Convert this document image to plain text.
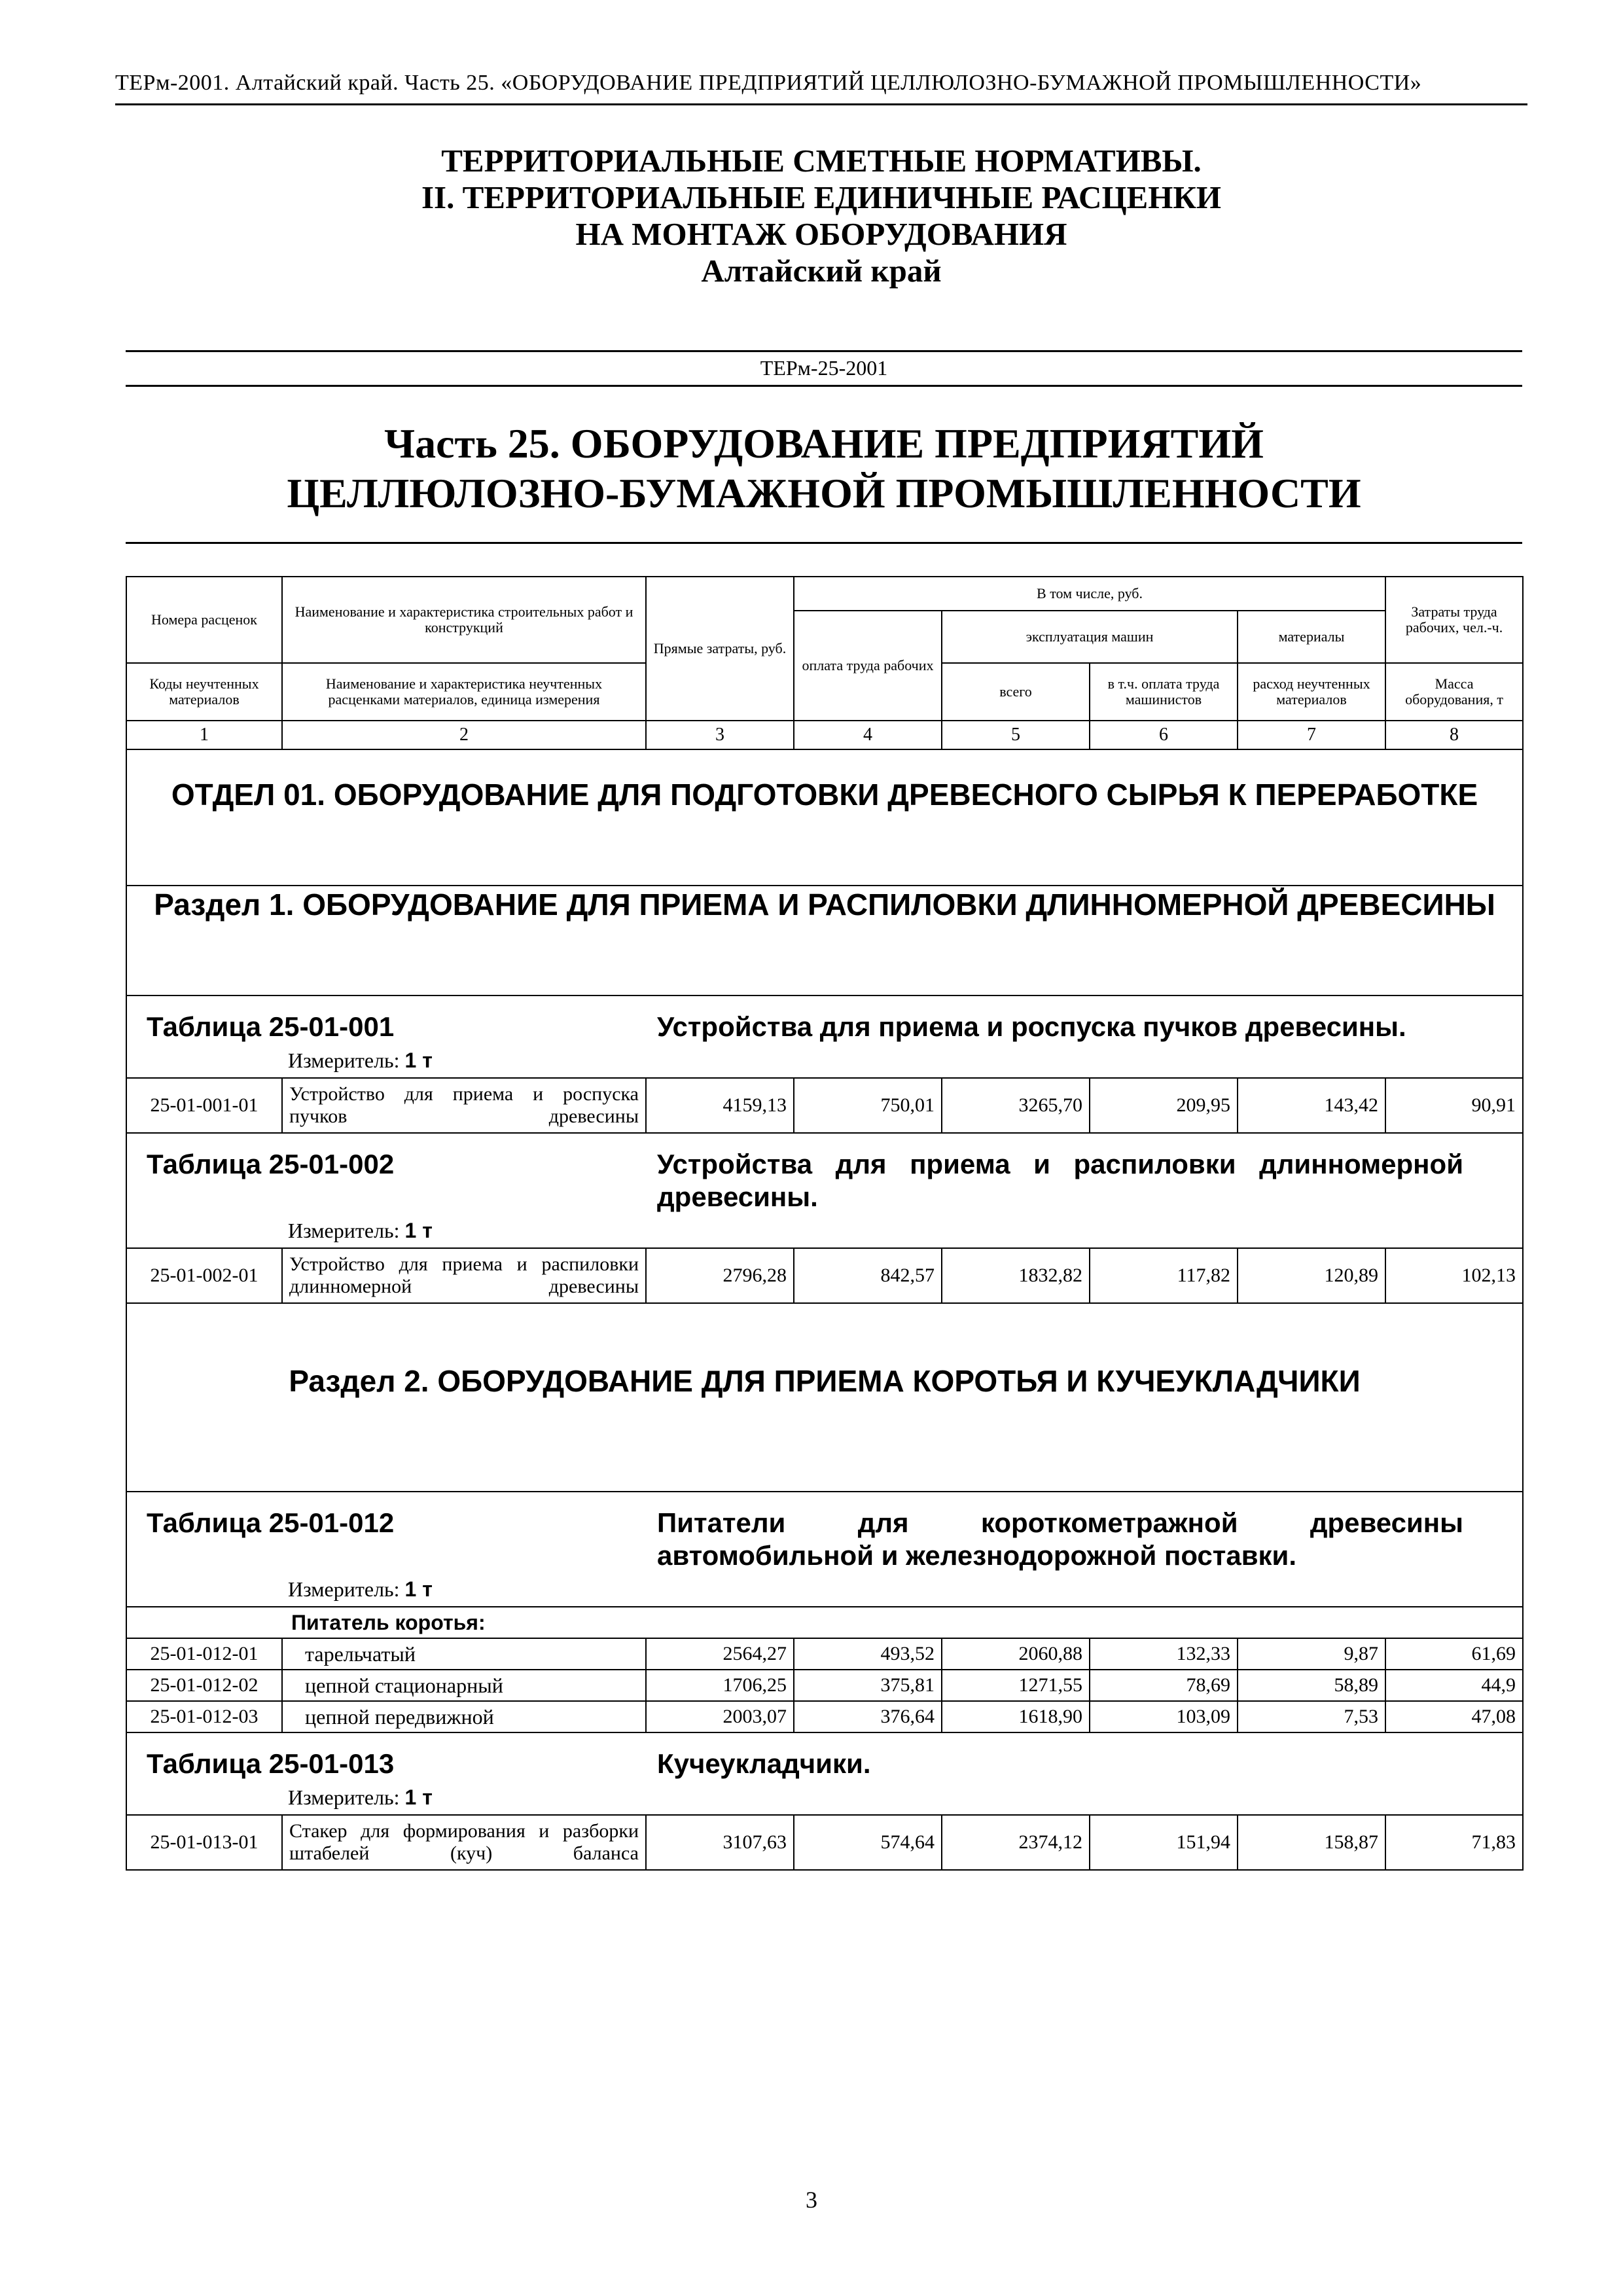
ТЕРм-2001. Алтайский край. Часть 25. «ОБОРУДОВАНИЕ ПРЕДПРИЯТИЙ ЦЕЛЛЮЛОЗНО-БУМАЖНОЙ ПРОМЫШЛЕННОСТИ»
ТЕРРИТОРИАЛЬНЫЕ СМЕТНЫЕ НОРМАТИВЫ.
II. ТЕРРИТОРИАЛЬНЫЕ ЕДИНИЧНЫЕ РАСЦЕНКИ
НА МОНТАЖ ОБОРУДОВАНИЯ
Алтайский край
ТЕРм-25-2001
Часть 25. ОБОРУДОВАНИЕ ПРЕДПРИЯТИЙ
ЦЕЛЛЮЛОЗНО-БУМАЖНОЙ ПРОМЫШЛЕННОСТИ
Номера расценок	Наименование и характеристика строительных работ и конструкций	Прямые затраты, руб.	В том числе, руб.				Затраты труда рабочих, чел.-ч.
			оплата труда рабочих	эксплуатация машин		материалы	
Коды неучтенных материалов	Наименование и характеристика неучтенных расценками материалов, единица измерения			всего	в т.ч. оплата труда машинистов	расход неучтенных материалов	Масса оборудования, т
1	2	3	4	5	6	7	8
ОТДЕЛ 01. ОБОРУДОВАНИЕ ДЛЯ ПОДГОТОВКИ ДРЕВЕСНОГО СЫРЬЯ К ПЕРЕРАБОТКЕ							
Раздел 1. ОБОРУДОВАНИЕ ДЛЯ ПРИЕМА И РАСПИЛОВКИ ДЛИННОМЕРНОЙ ДРЕВЕСИНЫ							

Таблица 25-01-001 Устройства для приема и роспуска пучков древесины.							

Измеритель: 1 т							
25-01-001-01	Устройство для приема и роспуска пучков древесины	4159,13	750,01	3265,70	209,95	143,42	90,91

Таблица 25-01-002 Устройства для приема и распиловки длинномерной древесины.							

Измеритель: 1 т							
25-01-002-01	Устройство для приема и распиловки длинномерной древесины	2796,28	842,57	1832,82	117,82	120,89	102,13
Раздел 2. ОБОРУДОВАНИЕ ДЛЯ ПРИЕМА КОРОТЬЯ И КУЧЕУКЛАДЧИКИ							

Таблица 25-01-012 Питатели для короткометражной древесины автомобильной и железнодорожной поставки.							

Измеритель: 1 т							
	Питатель коротья:						
25-01-012-01	тарельчатый	2564,27	493,52	2060,88	132,33	9,87	61,69
25-01-012-02	цепной стационарный	1706,25	375,81	1271,55	78,69	58,89	44,9
25-01-012-03	цепной передвижной	2003,07	376,64	1618,90	103,09	7,53	47,08

Таблица 25-01-013 Кучеукладчики.							

Измеритель: 1 т							
25-01-013-01	Стакер для формирования и разборки штабелей (куч) баланса	3107,63	574,64	2374,12	151,94	158,87	71,83
3
